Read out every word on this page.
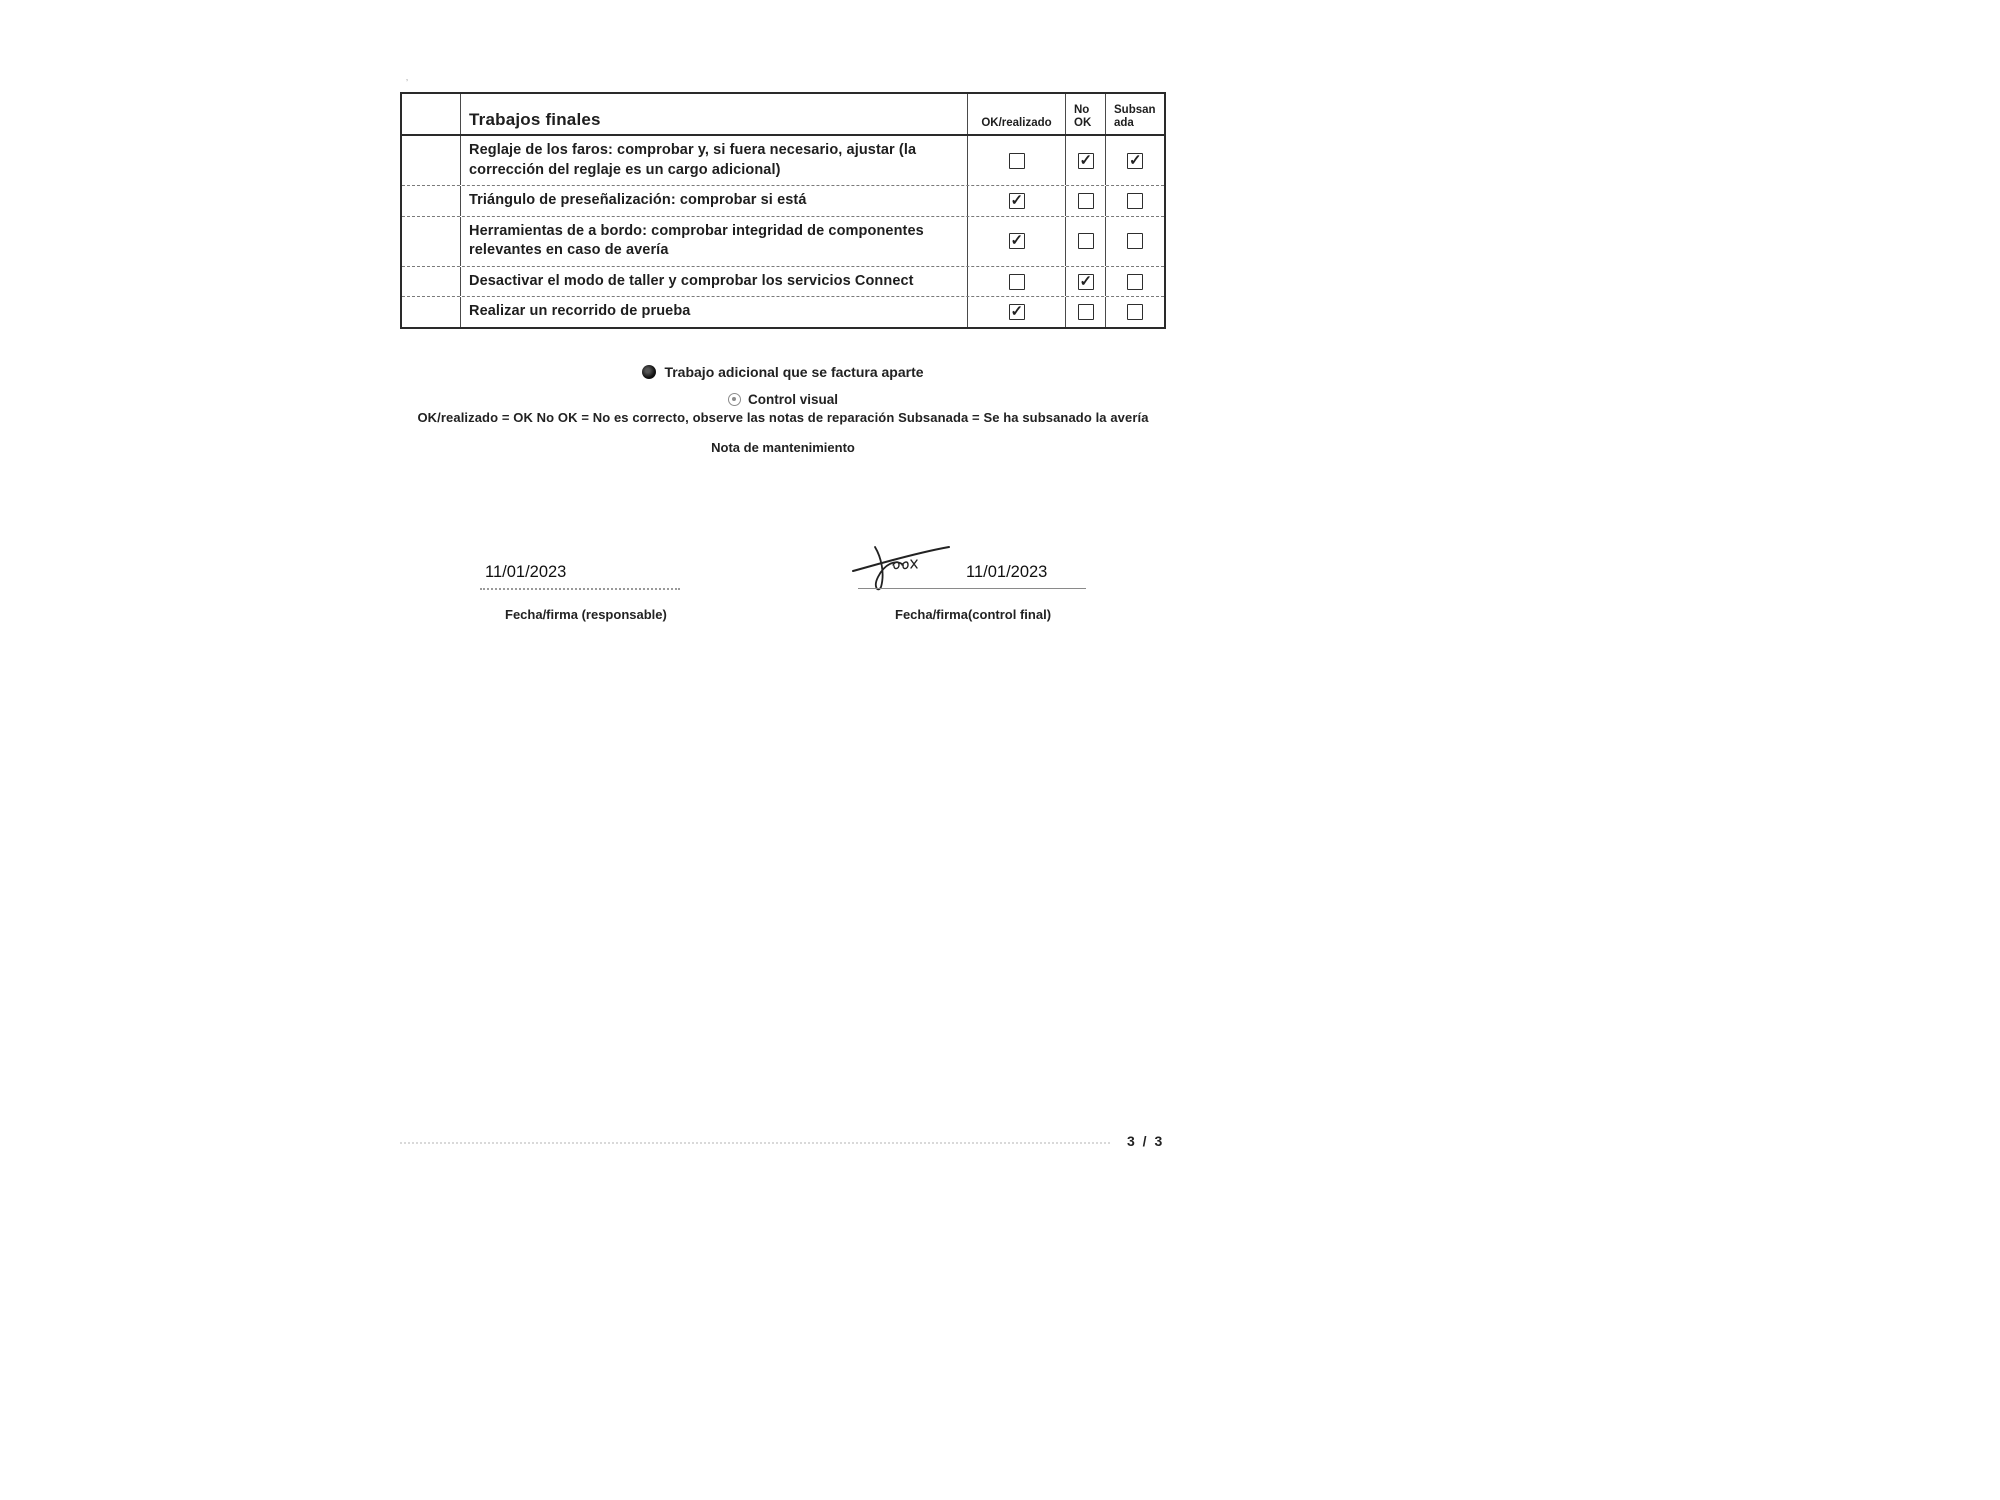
‚
Trabajos finales	OK/realizado
No OK
Subsanada
Reglaje de los faros: comprobar y, si fuera necesario, ajustar (la corrección del reglaje es un cargo adicional)
✓
✓
Triángulo de preseñalización: comprobar si está
✓
Herramientas de a bordo: comprobar integridad de componentes relevantes en caso de avería
✓
Desactivar el modo de taller y comprobar los servicios Connect
✓
Realizar un recorrido de prueba
✓
Trabajo adicional que se factura aparte
Control visual
OK/realizado = OK No OK = No es correcto, observe las notas de reparación Subsanada = Se ha subsanado la avería
Nota de mantenimiento
11/01/2023
Fecha/firma (responsable)
11/01/2023
Fecha/firma(control final)
3 / 3
